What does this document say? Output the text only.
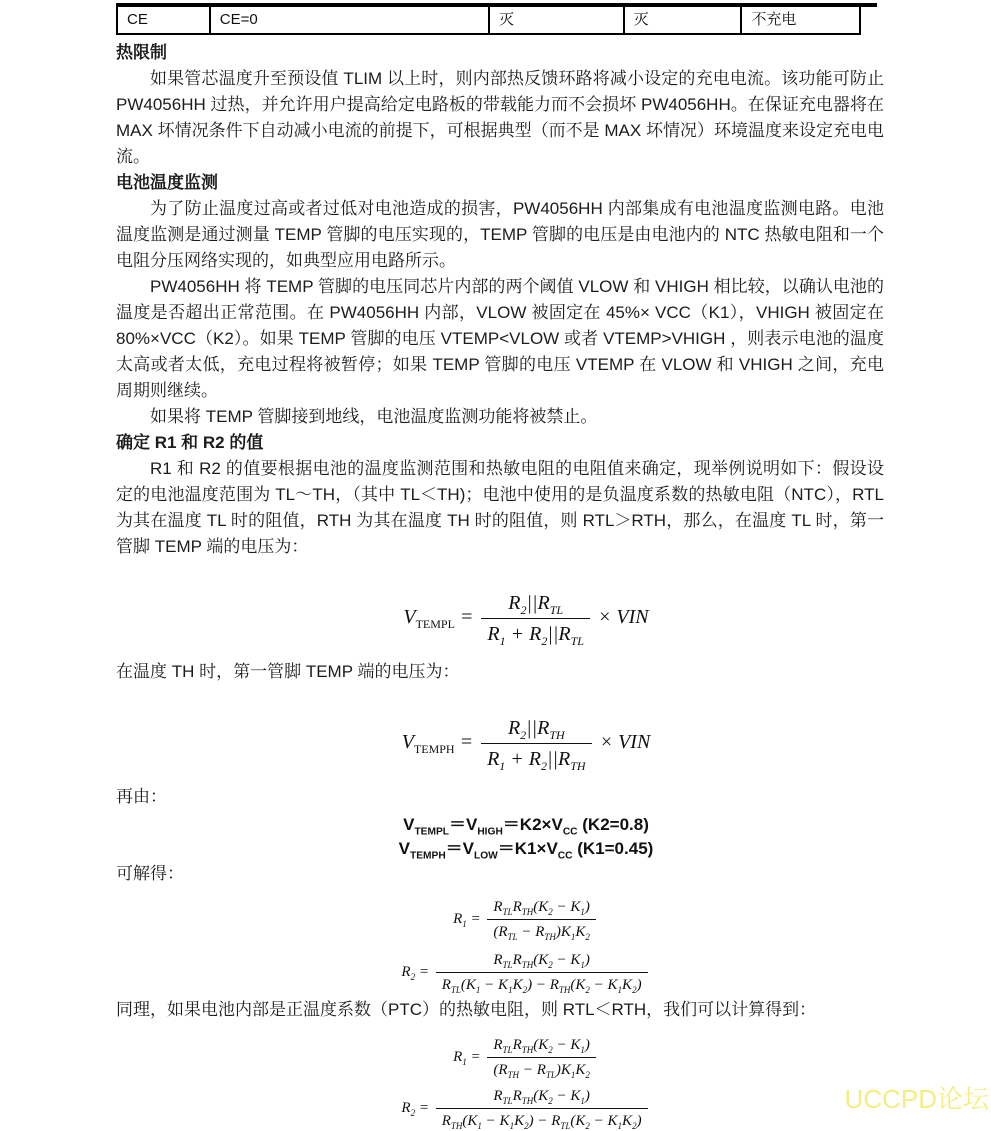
CE	CE=0	灭	灭	不充电

热限制

如果管芯温度升至预设值 TLIM 以上时，则内部热反馈环路将减小设定的充电电流。该功能可防止 PW4056HH 过热，并允许用户提高给定电路板的带载能力而不会损坏 PW4056HH。在保证充电器将在 MAX 坏情况条件下自动减小电流的前提下，可根据典型（而不是 MAX 坏情况）环境温度来设定充电电流。

电池温度监测

为了防止温度过高或者过低对电池造成的损害，PW4056HH 内部集成有电池温度监测电路。电池温度监测是通过测量 TEMP 管脚的电压实现的，TEMP 管脚的电压是由电池内的 NTC 热敏电阻和一个电阻分压网络实现的，如典型应用电路所示。

PW4056HH 将 TEMP 管脚的电压同芯片内部的两个阈值 VLOW 和 VHIGH 相比较，以确认电池的温度是否超出正常范围。在 PW4056HH 内部，VLOW 被固定在 45%× VCC（K1），VHIGH 被固定在 80%×VCC（K2）。如果 TEMP 管脚的电压 VTEMP<VLOW 或者 VTEMP>VHIGH ，则表示电池的温度太高或者太低，充电过程将被暂停；如果 TEMP 管脚的电压 VTEMP 在 VLOW 和 VHIGH 之间，充电周期则继续。

如果将 TEMP 管脚接到地线，电池温度监测功能将被禁止。

确定 R1 和 R2 的值

R1 和 R2 的值要根据电池的温度监测范围和热敏电阻的电阻值来确定，现举例说明如下：假设设定的电池温度范围为 TL～TH，（其中 TL＜TH)；电池中使用的是负温度系数的热敏电阻（NTC），RTL 为其在温度 TL 时的阻值，RTH 为其在温度 TH 时的阻值，则 RTL＞RTH，那么，在温度 TL 时，第一管脚 TEMP 端的电压为：

$V_{TEMPL} = \frac{R_2||R_{TL}}{R_1 + R_2||R_{TL}}$ × VIN

在温度 TH 时，第一管脚 TEMP 端的电压为：

$V_{TEMPH} = \frac{R_2||R_{TH}}{R_1 + R_2||R_{TH}}$ × VIN

再由：

$V_{TEMPL}=V_{HIGH}=K2\times V_{CC}$ (K2=0.8)
$V_{TEMPH}=V_{LOW}=K1\times V_{CC}$ (K1=0.45)

可解得：

$R_1 = \frac{R_{TL}R_{TH}(K_2 - K_1)}{(R_{TL} - R_{TH})K_1K_2}$
$R_2 = \frac{R_{TL}R_{TH}(K_2 - K_1)}{R_{TL}(K_1 - K_1K_2) - R_{TH}(K_2 - K_1K_2)}$

同理，如果电池内部是正温度系数（PTC）的热敏电阻，则 RTL＜RTH，我们可以计算得到：

$R_1 = \frac{R_{TL}R_{TH}(K_2 - K_1)}{(R_{TH} - R_{TL})K_1K_2}$
$R_2 = \frac{R_{TL}R_{TH}(K_2 - K_1)}{R_{TH}(K_1 - K_1K_2) - R_{TL}(K_2 - K_1K_2)}$	UCCPD论坛
